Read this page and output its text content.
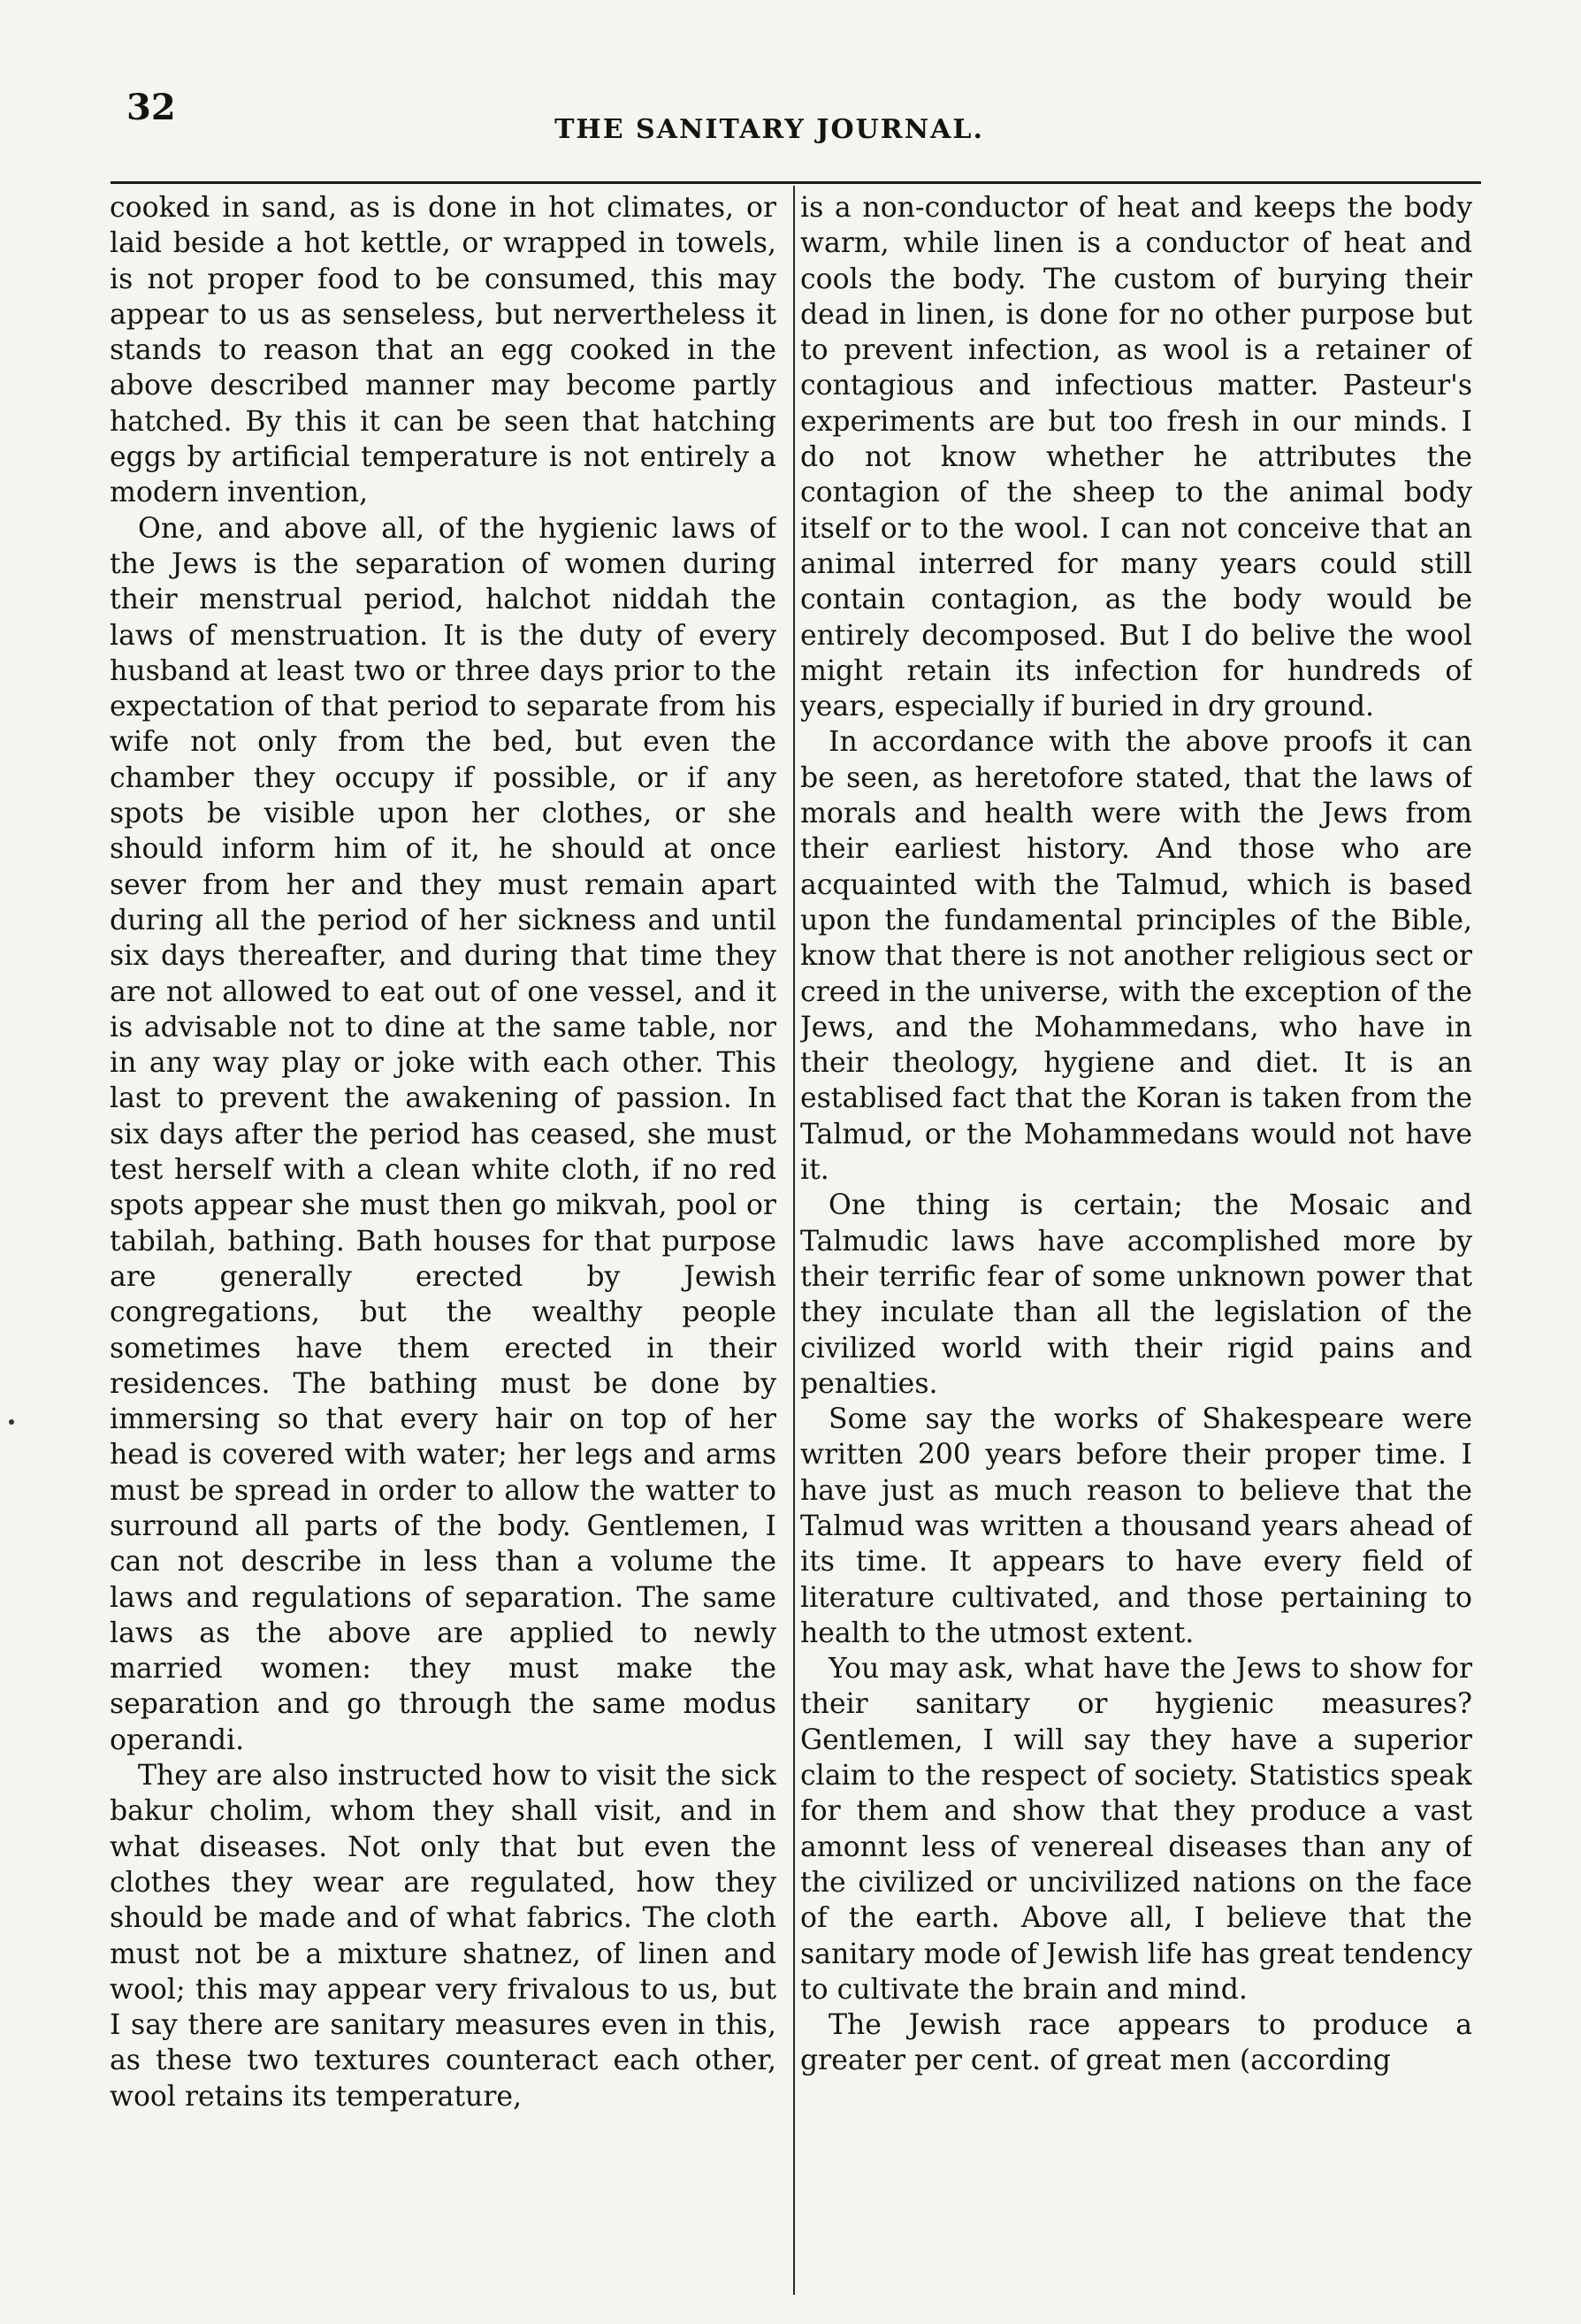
32
THE SANITARY JOURNAL.

cooked in sand, as is done in hot climates, or laid beside a hot kettle, or wrapped in towels, is not proper food to be consumed, this may appear to us as senseless, but nervertheless it stands to reason that an egg cooked in the above described manner may become partly hatched. By this it can be seen that hatching eggs by artificial temperature is not entirely a modern invention,

One, and above all, of the hygienic laws of the Jews is the separation of women during their menstrual period, halchot niddah the laws of menstruation. It is the duty of every husband at least two or three days prior to the expectation of that period to separate from his wife not only from the bed, but even the chamber they occupy if possible, or if any spots be visible upon her clothes, or she should inform him of it, he should at once sever from her and they must remain apart during all the period of her sickness and until six days thereafter, and during that time they are not allowed to eat out of one vessel, and it is advisable not to dine at the same table, nor in any way play or joke with each other. This last to prevent the awakening of passion. In six days after the period has ceased, she must test herself with a clean white cloth, if no red spots appear she must then go mikvah, pool or tabilah, bathing. Bath houses for that purpose are generally erected by Jewish congregations, but the wealthy people sometimes have them erected in their residences. The bathing must be done by immersing so that every hair on top of her head is covered with water; her legs and arms must be spread in order to allow the watter to surround all parts of the body. Gentlemen, I can not describe in less than a volume the laws and regulations of separation. The same laws as the above are applied to newly married women: they must make the separation and go through the same modus operandi.

They are also instructed how to visit the sick bakur cholim, whom they shall visit, and in what diseases. Not only that but even the clothes they wear are regulated, how they should be made and of what fabrics. The cloth must not be a mixture shatnez, of linen and wool; this may appear very frivalous to us, but I say there are sanitary measures even in this, as these two textures counteract each other, wool retains its temperature,

is a non-conductor of heat and keeps the body warm, while linen is a conductor of heat and cools the body. The custom of burying their dead in linen, is done for no other purpose but to prevent infection, as wool is a retainer of contagious and infectious matter. Pasteur's experiments are but too fresh in our minds. I do not know whether he attributes the contagion of the sheep to the animal body itself or to the wool. I can not conceive that an animal interred for many years could still contain contagion, as the body would be entirely decomposed. But I do belive the wool might retain its infection for hundreds of years, especially if buried in dry ground.

In accordance with the above proofs it can be seen, as heretofore stated, that the laws of morals and health were with the Jews from their earliest history. And those who are acquainted with the Talmud, which is based upon the fundamental principles of the Bible, know that there is not another religious sect or creed in the universe, with the exception of the Jews, and the Mohammedans, who have in their theology, hygiene and diet. It is an establised fact that the Koran is taken from the Talmud, or the Mohammedans would not have it.

One thing is certain; the Mosaic and Talmudic laws have accomplished more by their terrific fear of some unknown power that they inculate than all the legislation of the civilized world with their rigid pains and penalties.

Some say the works of Shakespeare were written 200 years before their proper time. I have just as much reason to believe that the Talmud was written a thousand years ahead of its time. It appears to have every field of literature cultivated, and those pertaining to health to the utmost extent.

You may ask, what have the Jews to show for their sanitary or hygienic measures? Gentlemen, I will say they have a superior claim to the respect of society. Statistics speak for them and show that they produce a vast amonnt less of venereal diseases than any of the civilized or uncivilized nations on the face of the earth. Above all, I believe that the sanitary mode of Jewish life has great tendency to cultivate the brain and mind.

The Jewish race appears to produce a greater per cent. of great men (according
